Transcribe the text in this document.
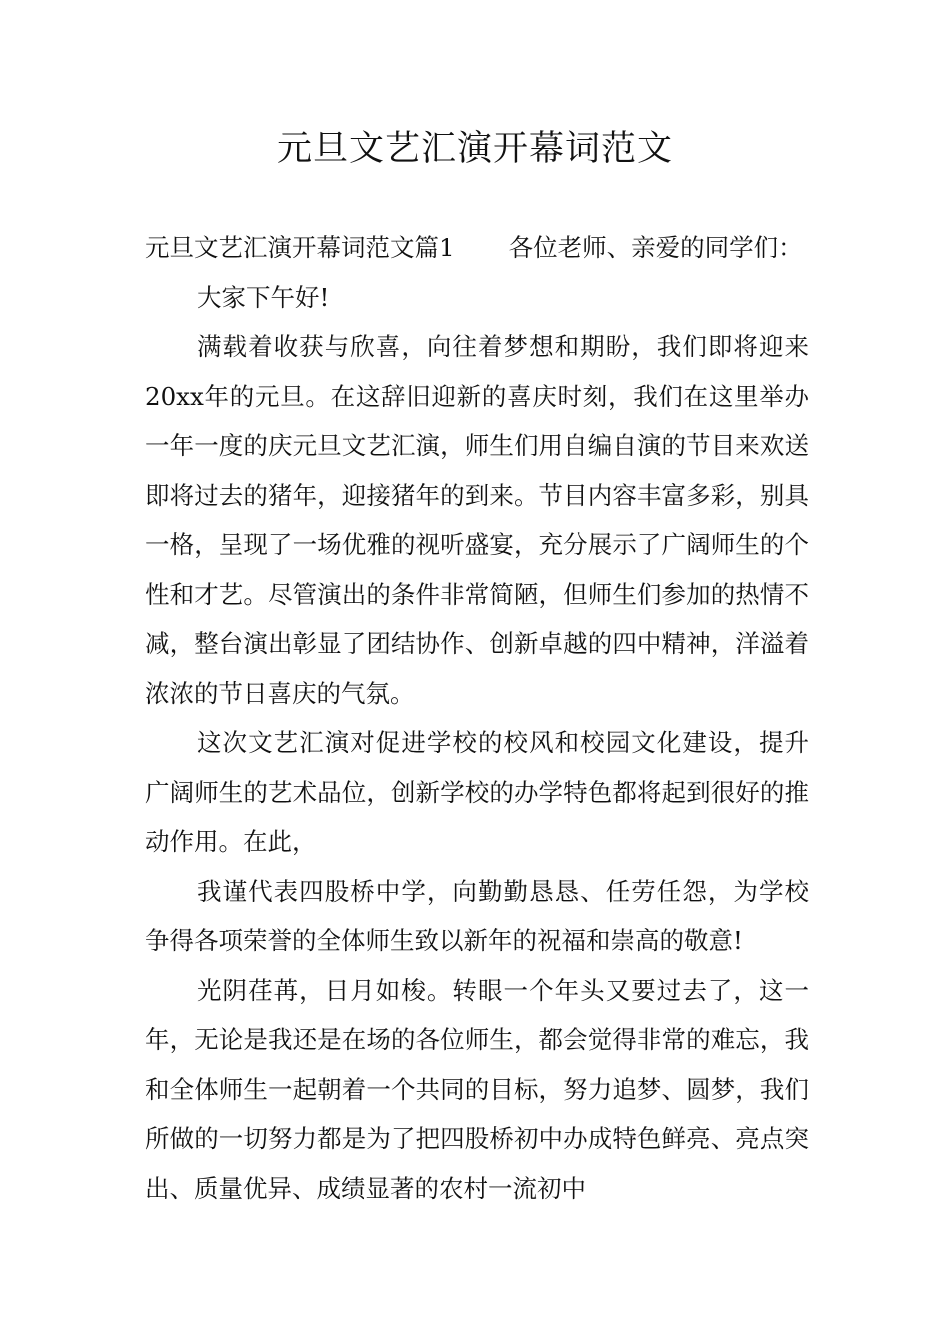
元旦文艺汇演开幕词范文

元旦文艺汇演开幕词范文篇1 各位老师、亲爱的同学们：

大家下午好!

满载着收获与欣喜，向往着梦想和期盼，我们即将迎来20xx年的元旦。在这辞旧迎新的喜庆时刻，我们在这里举办一年一度的庆元旦文艺汇演，师生们用自编自演的节目来欢送即将过去的猪年，迎接猪年的到来。节目内容丰富多彩，别具一格，呈现了一场优雅的视听盛宴，充分展示了广阔师生的个性和才艺。尽管演出的条件非常简陋，但师生们参加的热情不减，整台演出彰显了团结协作、创新卓越的四中精神，洋溢着浓浓的节日喜庆的气氛。

这次文艺汇演对促进学校的校风和校园文化建设，提升广阔师生的艺术品位，创新学校的办学特色都将起到很好的推动作用。在此，

我谨代表四股桥中学，向勤勤恳恳、任劳任怨，为学校争得各项荣誉的全体师生致以新年的祝福和崇高的敬意!

光阴荏苒，日月如梭。转眼一个年头又要过去了，这一年，无论是我还是在场的各位师生，都会觉得非常的难忘，我和全体师生一起朝着一个共同的目标，努力追梦、圆梦，我们所做的一切努力都是为了把四股桥初中办成特色鲜亮、亮点突出、质量优异、成绩显著的农村一流初中
